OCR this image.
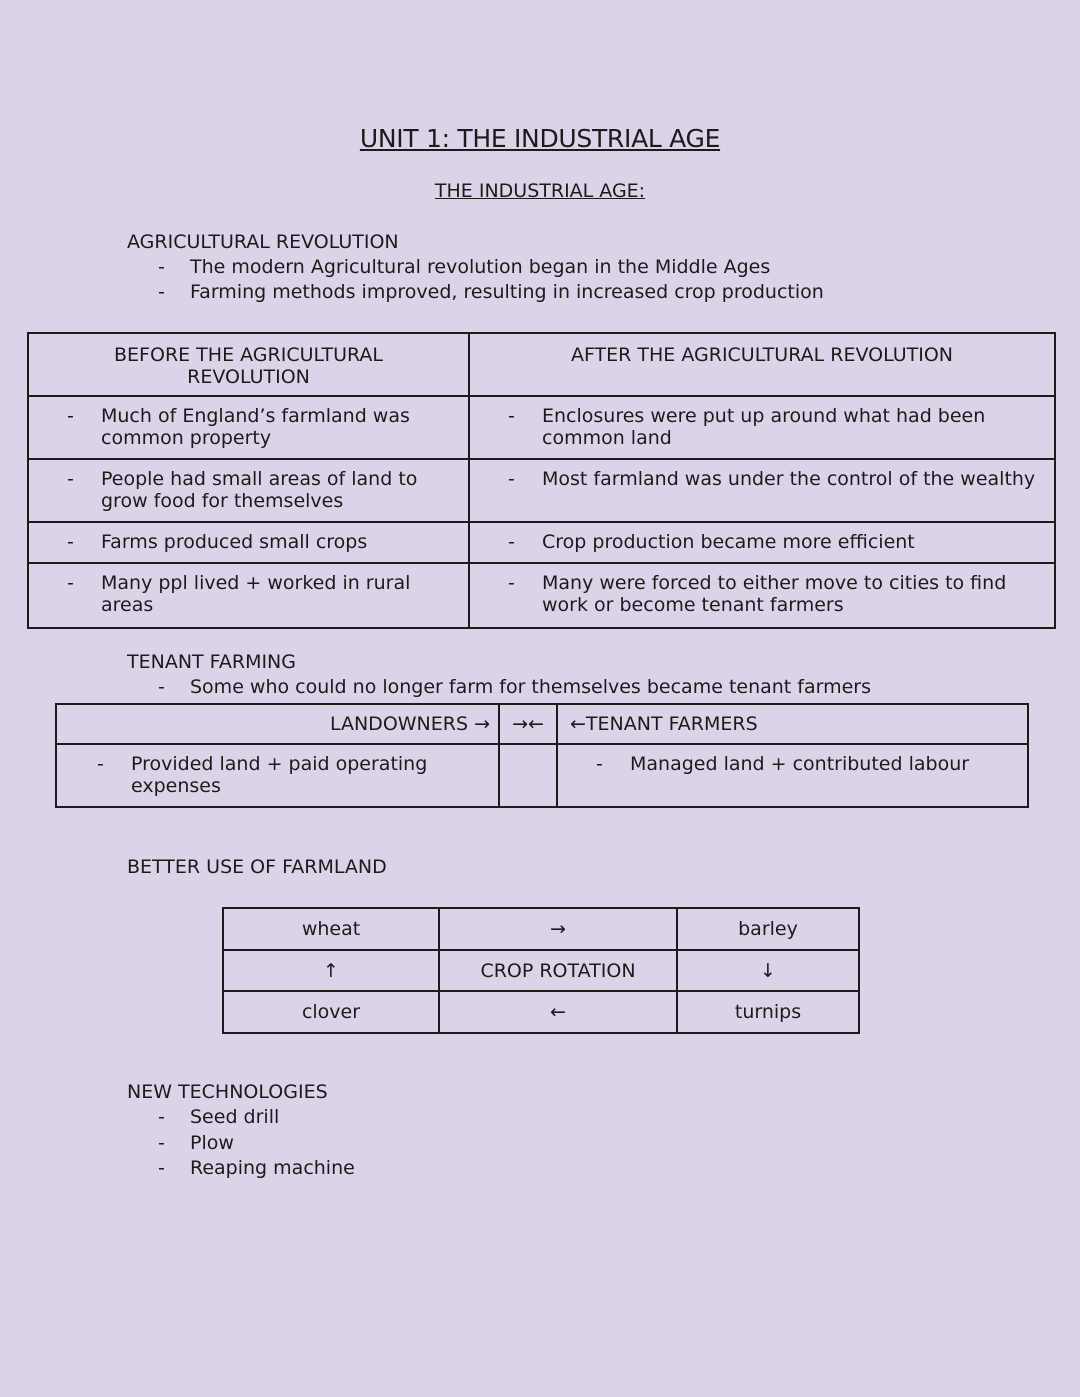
UNIT 1: THE INDUSTRIAL AGE
THE INDUSTRIAL AGE:
AGRICULTURAL REVOLUTION
- The modern Agricultural revolution began in the Middle Ages
- Farming methods improved, resulting in increased crop production
BEFORE THE AGRICULTURAL REVOLUTION	AFTER THE AGRICULTURAL REVOLUTION

- Much of England’s farmland was common property	- Enclosures were put up around what had been common land

- People had small areas of land to grow food for themselves	- Most farmland was under the control of the wealthy

- Farms produced small crops	- Crop production became more efficient

- Many ppl lived + worked in rural areas	- Many were forced to either move to cities to find work or become tenant farmers
TENANT FARMING
- Some who could no longer farm for themselves became tenant farmers
LANDOWNERS →	→←	←TENANT FARMERS

- Provided land + paid operating expenses		- Managed land + contributed labour
BETTER USE OF FARMLAND
wheat	→	barley
↑	CROP ROTATION	↓
clover	←	turnips
NEW TECHNOLOGIES
- Seed drill
- Plow
- Reaping machine
